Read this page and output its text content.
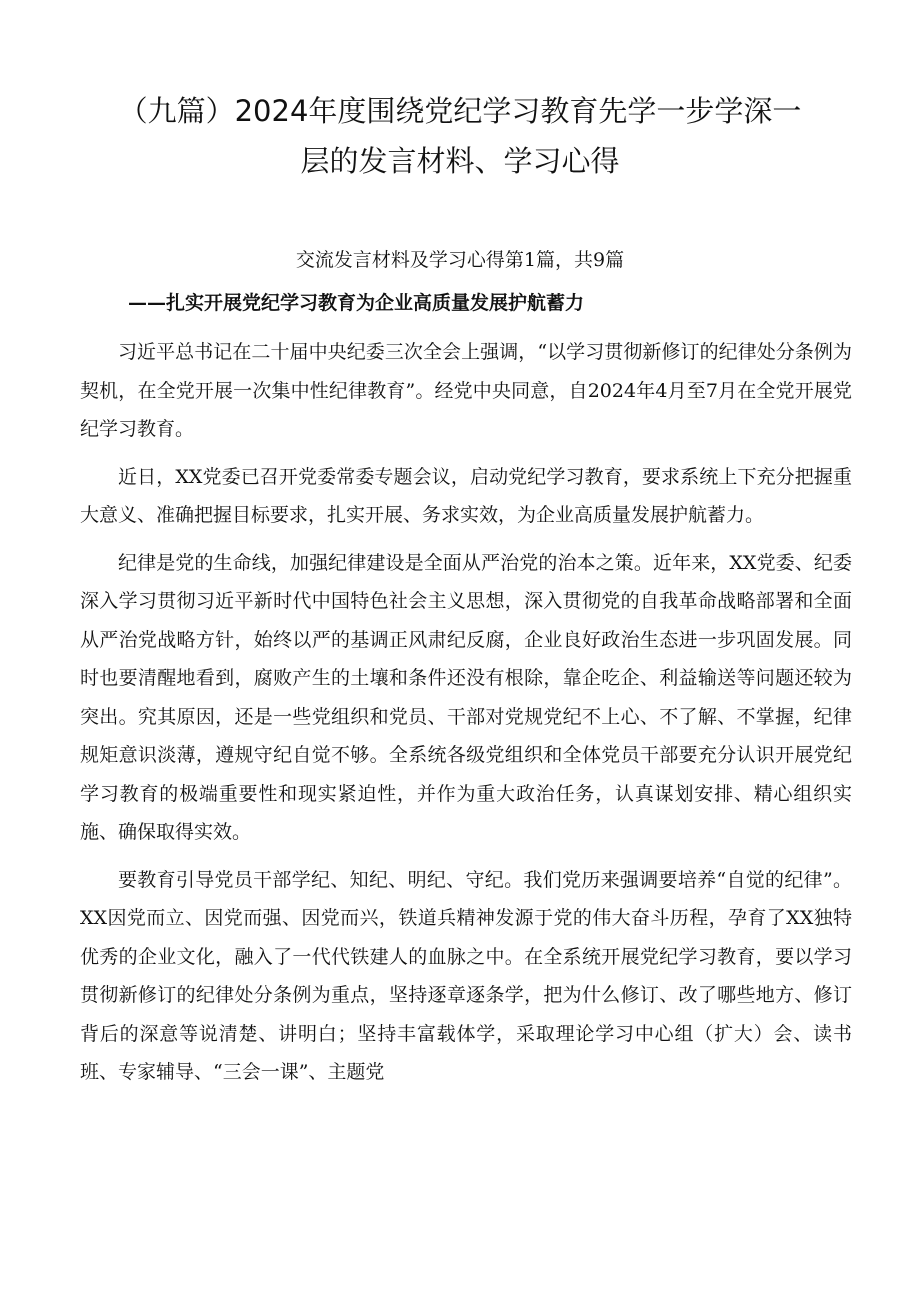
（九篇）2024年度围绕党纪学习教育先学一步学深一
层的发言材料、学习心得

交流发言材料及学习心得第1篇，共9篇

——扎实开展党纪学习教育为企业高质量发展护航蓄力

习近平总书记在二十届中央纪委三次全会上强调，“以学习贯彻新修订的纪律处分条例为契机，在全党开展一次集中性纪律教育”。经党中央同意，自2024年4月至7月在全党开展党纪学习教育。

近日，XX党委已召开党委常委专题会议，启动党纪学习教育，要求系统上下充分把握重大意义、准确把握目标要求，扎实开展、务求实效，为企业高质量发展护航蓄力。

纪律是党的生命线，加强纪律建设是全面从严治党的治本之策。近年来，XX党委、纪委深入学习贯彻习近平新时代中国特色社会主义思想，深入贯彻党的自我革命战略部署和全面从严治党战略方针，始终以严的基调正风肃纪反腐，企业良好政治生态进一步巩固发展。同时也要清醒地看到，腐败产生的土壤和条件还没有根除，靠企吃企、利益输送等问题还较为突出。究其原因，还是一些党组织和党员、干部对党规党纪不上心、不了解、不掌握，纪律规矩意识淡薄，遵规守纪自觉不够。全系统各级党组织和全体党员干部要充分认识开展党纪学习教育的极端重要性和现实紧迫性，并作为重大政治任务，认真谋划安排、精心组织实施、确保取得实效。

要教育引导党员干部学纪、知纪、明纪、守纪。我们党历来强调要培养“自觉的纪律”。XX因党而立、因党而强、因党而兴，铁道兵精神发源于党的伟大奋斗历程，孕育了XX独特优秀的企业文化，融入了一代代铁建人的血脉之中。在全系统开展党纪学习教育，要以学习贯彻新修订的纪律处分条例为重点，坚持逐章逐条学，把为什么修订、改了哪些地方、修订背后的深意等说清楚、讲明白；坚持丰富载体学，采取理论学习中心组（扩大）会、读书班、专家辅导、“三会一课”、主题党
